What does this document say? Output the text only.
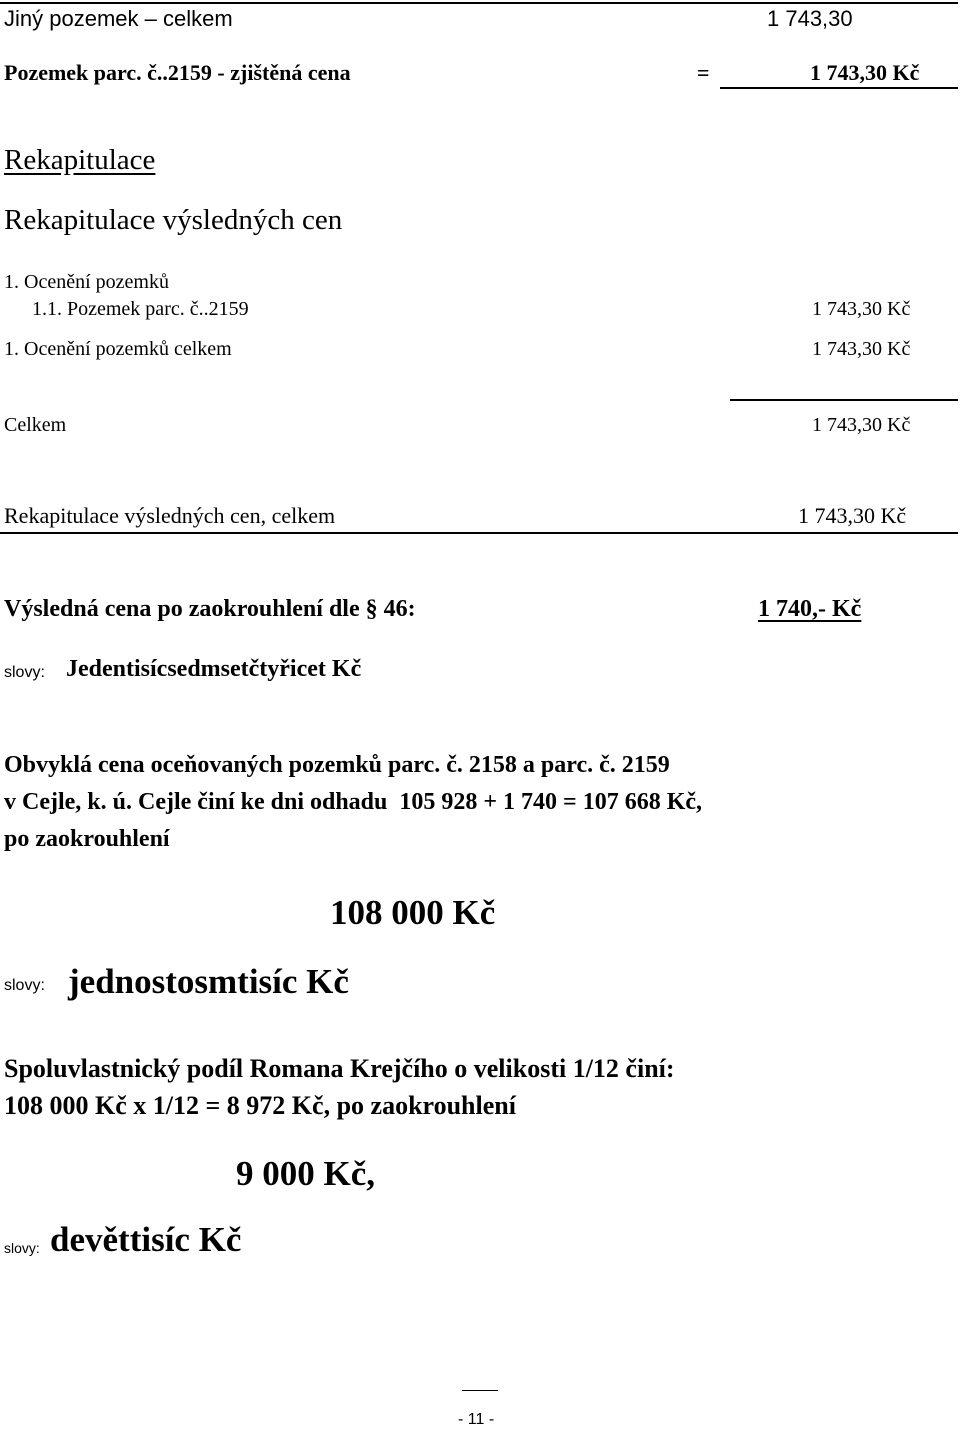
Jiný pozemek – celkem	1 743,30
Pozemek parc. č..2159 - zjištěná cena	=	1 743,30 Kč
Rekapitulace
Rekapitulace výsledných cen
1. Ocenění pozemků
1.1. Pozemek parc. č..2159	1 743,30 Kč
1. Ocenění pozemků celkem	1 743,30 Kč
Celkem	1 743,30 Kč
Rekapitulace výsledných cen, celkem	1 743,30 Kč
Výsledná cena po zaokrouhlení dle § 46:	1 740,- Kč
slovy: Jedentisícsedmsetčtyřicet Kč
Obvyklá cena oceňovaných pozemků parc. č. 2158 a parc. č. 2159
v Cejle, k. ú. Cejle činí ke dni odhadu  105 928 + 1 740 = 107 668 Kč,
po zaokrouhlení
108 000 Kč
slovy: jednostosmtisíc Kč
Spoluvlastnický podíl Romana Krejčího o velikosti 1/12 činí:
108 000 Kč x 1/12 = 8 972 Kč, po zaokrouhlení
9 000 Kč,
slovy: devěttisíc Kč
- 11 -
